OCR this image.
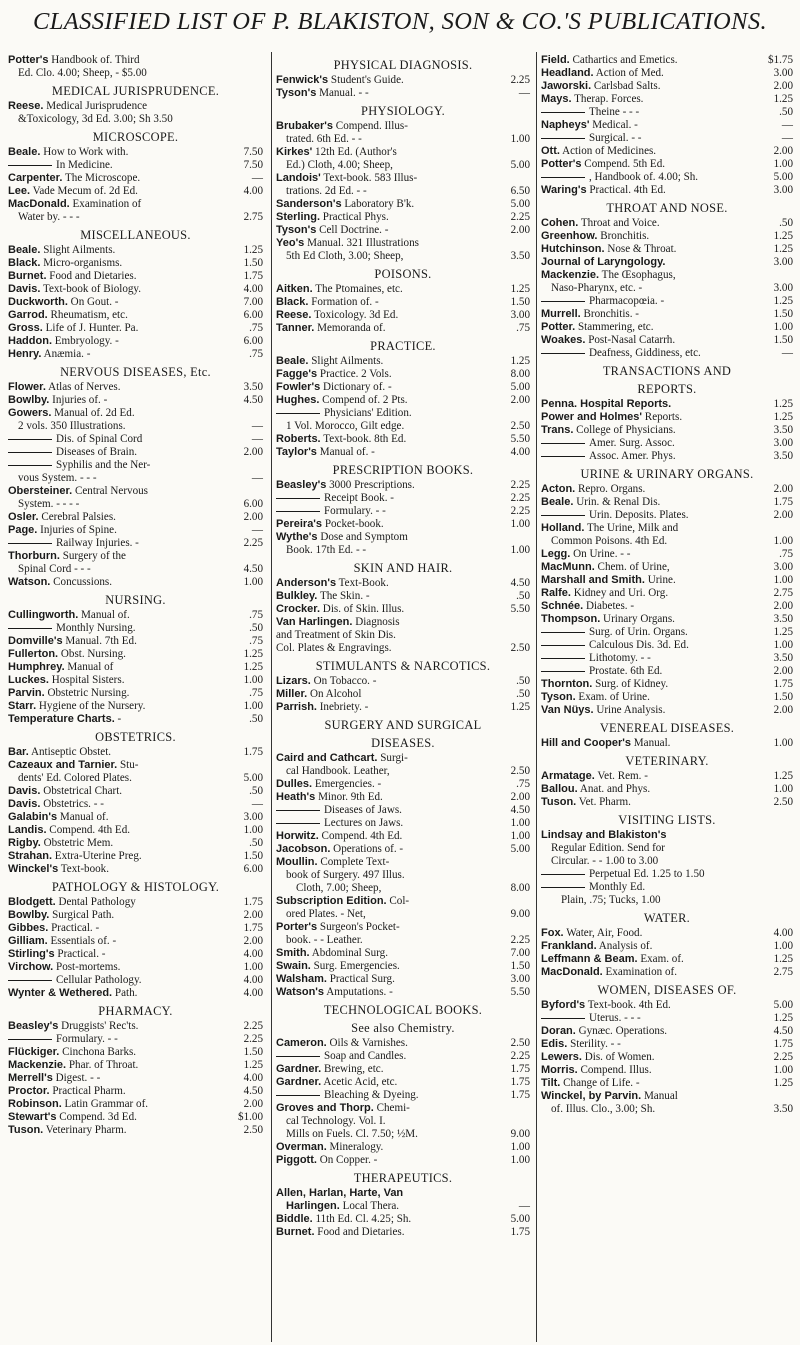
CLASSIFIED LIST OF P. BLAKISTON, SON & CO.'S PUBLICATIONS.
Potter's Handbook of. Third
Ed. Clo. 4.00; Sheep, - $5.00
MEDICAL JURISPRUDENCE.
Reese. Medical Jurisprudence
&Toxicology, 3d Ed. 3.00; Sh 3.50
MICROSCOPE.
Beale. How to Work with.	7.50
In Medicine.	7.50
Carpenter. The Microscope.	—
Lee. Vade Mecum of. 2d Ed.	4.00
MacDonald. Examination of
Water by. - - -	2.75
MISCELLANEOUS.
Beale. Slight Ailments.	1.25
Black. Micro-organisms.	1.50
Burnet. Food and Dietaries.	1.75
Davis. Text-book of Biology.	4.00
Duckworth. On Gout. -	7.00
Garrod. Rheumatism, etc.	6.00
Gross. Life of J. Hunter. Pa.	.75
Haddon. Embryology. -	6.00
Henry. Anæmia. -	.75
NERVOUS DISEASES, Etc.
Flower. Atlas of Nerves.	3.50
Bowlby. Injuries of. -	4.50
Gowers. Manual of. 2d Ed.
2 vols. 350 Illustrations.	—
Dis. of Spinal Cord	—
Diseases of Brain.	2.00
Syphilis and the Ner-
vous System. - - -	—
Obersteiner. Central Nervous
System. - - - -	6.00
Osler. Cerebral Palsies.	2.00
Page. Injuries of Spine.	—
Railway Injuries. -	2.25
Thorburn. Surgery of the
Spinal Cord - - -	4.50
Watson. Concussions.	1.00
NURSING.
Cullingworth. Manual of.	.75
Monthly Nursing.	.50
Domville's Manual. 7th Ed.	.75
Fullerton. Obst. Nursing.	1.25
Humphrey. Manual of	1.25
Luckes. Hospital Sisters.	1.00
Parvin. Obstetric Nursing.	.75
Starr. Hygiene of the Nursery.	1.00
Temperature Charts. -	.50
OBSTETRICS.
Bar. Antiseptic Obstet.	1.75
Cazeaux and Tarnier. Stu-
dents' Ed. Colored Plates.	5.00
Davis. Obstetrical Chart.	.50
Davis. Obstetrics. - -	—
Galabin's Manual of.	3.00
Landis. Compend. 4th Ed.	1.00
Rigby. Obstetric Mem.	.50
Strahan. Extra-Uterine Preg.	1.50
Winckel's Text-book.	6.00
PATHOLOGY & HISTOLOGY.
Blodgett. Dental Pathology	1.75
Bowlby. Surgical Path.	2.00
Gibbes. Practical. -	1.75
Gilliam. Essentials of. -	2.00
Stirling's Practical. -	4.00
Virchow. Post-mortems.	1.00
Cellular Pathology.	4.00
Wynter & Wethered. Path.	4.00
PHARMACY.
Beasley's Druggists' Rec'ts.	2.25
Formulary. - -	2.25
Flückiger. Cinchona Barks.	1.50
Mackenzie. Phar. of Throat.	1.25
Merrell's Digest. - -	4.00
Proctor. Practical Pharm.	4.50
Robinson. Latin Grammar of.	2.00
Stewart's Compend. 3d Ed.	$1.00
Tuson. Veterinary Pharm.	2.50
PHYSICAL DIAGNOSIS.
Fenwick's Student's Guide.	2.25
Tyson's Manual. - -	—
PHYSIOLOGY.
Brubaker's Compend. Illus-
trated. 6th Ed. - -	1.00
Kirkes' 12th Ed. (Author's
Ed.) Cloth, 4.00; Sheep,	5.00
Landois' Text-book. 583 Illus-
trations. 2d Ed. - -	6.50
Sanderson's Laboratory B'k.	5.00
Sterling. Practical Phys.	2.25
Tyson's Cell Doctrine. -	2.00
Yeo's Manual. 321 Illustrations
5th Ed Cloth, 3.00; Sheep,	3.50
POISONS.
Aitken. The Ptomaines, etc.	1.25
Black. Formation of. -	1.50
Reese. Toxicology. 3d Ed.	3.00
Tanner. Memoranda of.	.75
PRACTICE.
Beale. Slight Ailments.	1.25
Fagge's Practice. 2 Vols.	8.00
Fowler's Dictionary of. -	5.00
Hughes. Compend of. 2 Pts.	2.00
Physicians' Edition.
1 Vol. Morocco, Gilt edge.	2.50
Roberts. Text-book. 8th Ed.	5.50
Taylor's Manual of. -	4.00
PRESCRIPTION BOOKS.
Beasley's 3000 Prescriptions.	2.25
Receipt Book. -	2.25
Formulary. - -	2.25
Pereira's Pocket-book.	1.00
Wythe's Dose and Symptom
Book. 17th Ed. - -	1.00
SKIN AND HAIR.
Anderson's Text-Book.	4.50
Bulkley. The Skin. -	.50
Crocker. Dis. of Skin. Illus.	5.50
Van Harlingen. Diagnosis
and Treatment of Skin Dis.
Col. Plates & Engravings.	2.50
STIMULANTS & NARCOTICS.
Lizars. On Tobacco. -	.50
Miller. On Alcohol	.50
Parrish. Inebriety. -	1.25
SURGERY AND SURGICAL
DISEASES.
Caird and Cathcart. Surgi-
cal Handbook. Leather,	2.50
Dulles. Emergencies. -	.75
Heath's Minor. 9th Ed.	2.00
Diseases of Jaws.	4.50
Lectures on Jaws.	1.00
Horwitz. Compend. 4th Ed.	1.00
Jacobson. Operations of. -	5.00
Moullin. Complete Text-
book of Surgery. 497 Illus.
Cloth, 7.00; Sheep,	8.00
Subscription Edition. Col-
ored Plates. - Net,	9.00
Porter's Surgeon's Pocket-
book. - - Leather.	2.25
Smith. Abdominal Surg.	7.00
Swain. Surg. Emergencies.	1.50
Walsham. Practical Surg.	3.00
Watson's Amputations. -	5.50
TECHNOLOGICAL BOOKS.
See also Chemistry.
Cameron. Oils & Varnishes.	2.50
Soap and Candles.	2.25
Gardner. Brewing, etc.	1.75
Gardner. Acetic Acid, etc.	1.75
Bleaching & Dyeing.	1.75
Groves and Thorp. Chemi-
cal Technology. Vol. I.
Mills on Fuels. Cl. 7.50; ½M.	9.00
Overman. Mineralogy.	1.00
Piggott. On Copper. -	1.00
THERAPEUTICS.
Allen, Harlan, Harte, Van
Harlingen. Local Thera.	—
Biddle. 11th Ed. Cl. 4.25; Sh.	5.00
Burnet. Food and Dietaries.	1.75
Field. Cathartics and Emetics.	$1.75
Headland. Action of Med.	3.00
Jaworski. Carlsbad Salts.	2.00
Mays. Therap. Forces.	1.25
Theine - - -	.50
Napheys' Medical. -	—
Surgical. - -	—
Ott. Action of Medicines.	2.00
Potter's Compend. 5th Ed.	1.00
, Handbook of. 4.00; Sh.	5.00
Waring's Practical. 4th Ed.	3.00
THROAT AND NOSE.
Cohen. Throat and Voice.	.50
Greenhow. Bronchitis.	1.25
Hutchinson. Nose & Throat.	1.25
Journal of Laryngology.	3.00
Mackenzie. The Œsophagus,
Naso-Pharynx, etc. -	3.00
Pharmacopœia. -	1.25
Murrell. Bronchitis. -	1.50
Potter. Stammering, etc.	1.00
Woakes. Post-Nasal Catarrh.	1.50
Deafness, Giddiness, etc.	—
TRANSACTIONS AND
REPORTS.
Penna. Hospital Reports.	1.25
Power and Holmes' Reports.	1.25
Trans. College of Physicians.	3.50
Amer. Surg. Assoc.	3.00
Assoc. Amer. Phys.	3.50
URINE & URINARY ORGANS.
Acton. Repro. Organs.	2.00
Beale. Urin. & Renal Dis.	1.75
Urin. Deposits. Plates.	2.00
Holland. The Urine, Milk and
Common Poisons. 4th Ed.	1.00
Legg. On Urine. - -	.75
MacMunn. Chem. of Urine,	3.00
Marshall and Smith. Urine.	1.00
Ralfe. Kidney and Uri. Org.	2.75
Schnée. Diabetes. -	2.00
Thompson. Urinary Organs.	3.50
Surg. of Urin. Organs.	1.25
Calculous Dis. 3d. Ed.	1.00
Lithotomy. - -	3.50
Prostate. 6th Ed.	2.00
Thornton. Surg. of Kidney.	1.75
Tyson. Exam. of Urine.	1.50
Van Nüys. Urine Analysis.	2.00
VENEREAL DISEASES.
Hill and Cooper's Manual.	1.00
VETERINARY.
Armatage. Vet. Rem. -	1.25
Ballou. Anat. and Phys.	1.00
Tuson. Vet. Pharm.	2.50
VISITING LISTS.
Lindsay and Blakiston's
Regular Edition. Send for
Circular. - - 1.00 to 3.00
Perpetual Ed. 1.25 to 1.50
Monthly Ed.
Plain, .75; Tucks, 1.00
WATER.
Fox. Water, Air, Food.	4.00
Frankland. Analysis of.	1.00
Leffmann & Beam. Exam. of.	1.25
MacDonald. Examination of.	2.75
WOMEN, DISEASES OF.
Byford's Text-book. 4th Ed.	5.00
Uterus. - - -	1.25
Doran. Gynæc. Operations.	4.50
Edis. Sterility. - -	1.75
Lewers. Dis. of Women.	2.25
Morris. Compend. Illus.	1.00
Tilt. Change of Life. -	1.25
Winckel, by Parvin. Manual
of. Illus. Clo., 3.00; Sh.	3.50
